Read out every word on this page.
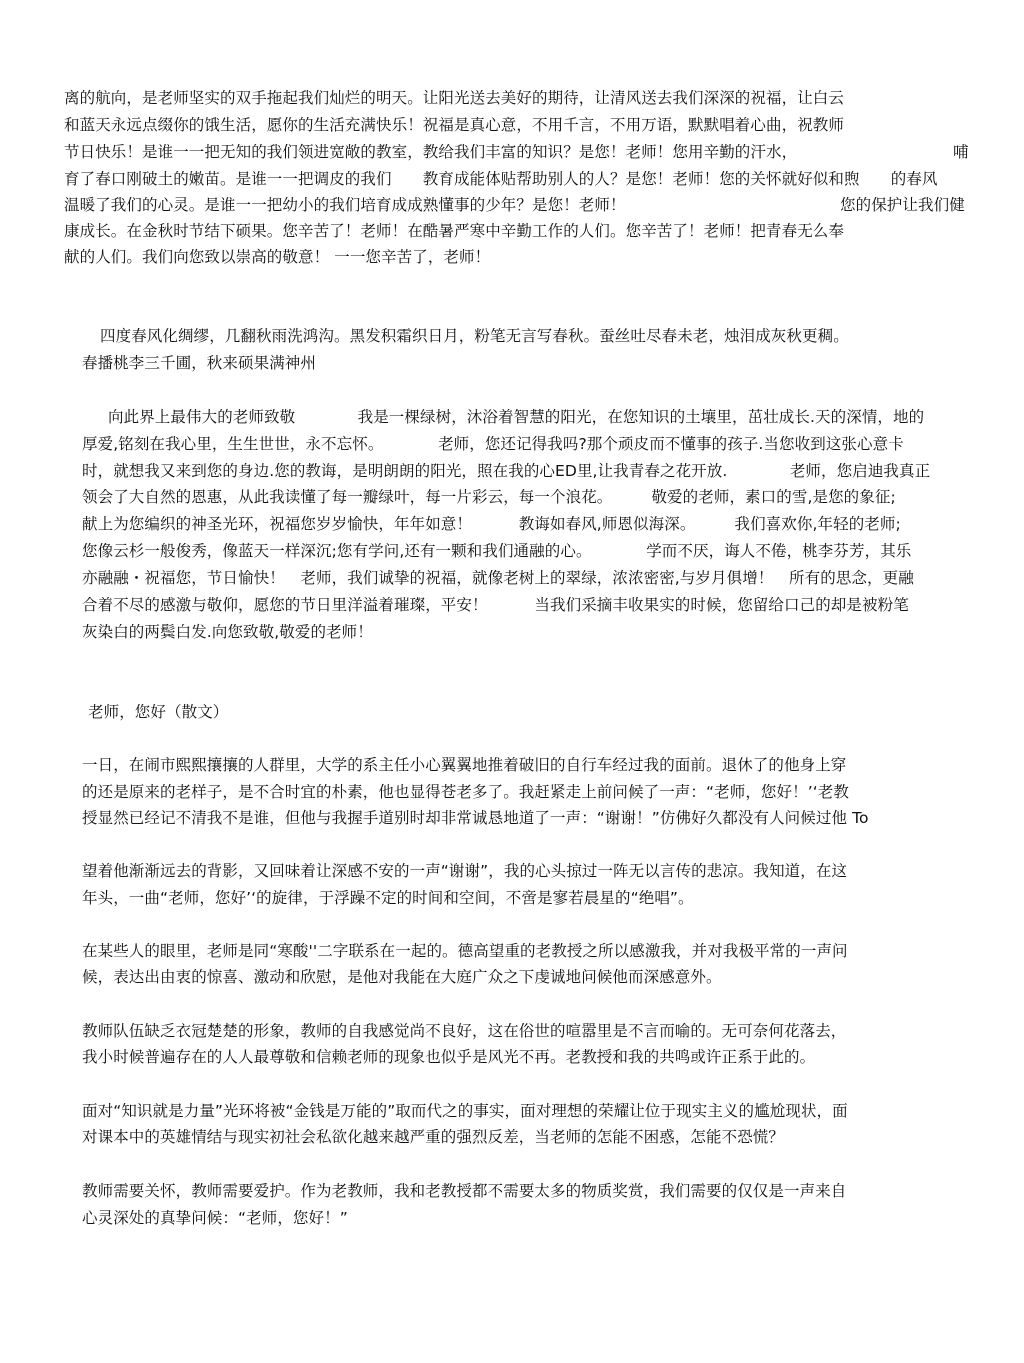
离的航向，是老师坚实的双手拖起我们灿烂的明天。让阳光送去美好的期待，让清风送去我们深深的祝福，让白云
和蓝天永远点缀你的饿生活，愿你的生活充满快乐！祝福是真心意，不用千言，不用万语，默默唱着心曲，祝教师
节日快乐！是谁一一把无知的我们领进宽敞的教室，教给我们丰富的知识？是您！老师！您用辛勤的汗水，	哺
育了春口刚破土的嫩苗。是谁一一把调皮的我们　　教育成能体贴帮助别人的人？是您！老师！您的关怀就好似和煦　　的春风
温暖了我们的心灵。是谁一一把幼小的我们培育成成熟懂事的少年？是您！老师！	您的保护让我们健
康成长。在金秋时节结下硕果。您辛苦了！老师！在酷暑严寒中辛勤工作的人们。您辛苦了！老师！把青春无么奉
献的人们。我们向您致以崇高的敬意！ 一一您辛苦了，老师！
四度春风化绸缪，几翻秋雨洗鸿沟。黑发积霜织日月，粉笔无言写春秋。蚕丝吐尽春未老，烛泪成灰秋更稠。
春播桃李三千圃，秋来硕果满神州
向此界上最伟大的老师致敬　　　　我是一棵绿树，沐浴着智慧的阳光，在您知识的土壤里，茁壮成长.天的深情，地的
厚爱,铭刻在我心里，生生世世，永不忘怀。　　　　老师，您还记得我吗?那个顽皮而不懂事的孩子.当您收到这张心意卡
时，就想我又来到您的身边.您的教诲，是明朗朗的阳光，照在我的心ED里,让我青春之花开放.　　　　老师，您启迪我真正
领会了大自然的恩惠，从此我读懂了每一瓣绿叶，每一片彩云，每一个浪花。　　　敬爱的老师，素口的雪,是您的象征;
献上为您编织的神圣光环，祝福您岁岁愉快，年年如意！　　　教诲如春风,师恩似海深。　　　我们喜欢你,年轻的老师;
您像云杉一般俊秀，像蓝天一样深沉;您有学问,还有一颗和我们通融的心。　　　　学而不厌，诲人不倦，桃李芬芳，其乐
亦融融・祝福您，节日愉快！　老师，我们诚挚的祝福，就像老树上的翠绿，浓浓密密,与岁月俱增！　所有的思念，更融
合着不尽的感激与敬仰，愿您的节日里洋溢着璀璨，平安！　　　当我们采摘丰收果实的时候，您留给口己的却是被粉笔
灰染白的两鬓白发.向您致敬,敬爱的老师！
老师，您好（散文）
一日，在闹市熙熙攘攘的人群里，大学的系主任小心翼翼地推着破旧的自行车经过我的面前。退休了的他身上穿
的还是原来的老样子，是不合时宜的朴素，他也显得苍老多了。我赶紧走上前问候了一声：“老师，您好！’‘老教
授显然已经记不清我不是谁，但他与我握手道别时却非常诚恳地道了一声：“谢谢！”仿佛好久都没有人问候过他 To
望着他渐渐远去的背影，又回味着让深感不安的一声“谢谢”，我的心头掠过一阵无以言传的悲凉。我知道，在这
年头，一曲“老师，您好’‘的旋律，于浮躁不定的时间和空间，不啻是寥若晨星的“绝唱”。
在某些人的眼里，老师是同“寒酸''二字联系在一起的。德高望重的老教授之所以感激我，并对我极平常的一声问
候，表达出由衷的惊喜、激动和欣慰，是他对我能在大庭广众之下虔诚地问候他而深感意外。
教师队伍缺乏衣冠楚楚的形象，教师的自我感觉尚不良好，这在俗世的喧嚣里是不言而喻的。无可奈何花落去，
我小时候普遍存在的人人最尊敬和信赖老师的现象也似乎是风光不再。老教授和我的共鸣或许正系于此的。
面对“知识就是力量”光环将被“金钱是万能的”取而代之的事实，面对理想的荣耀让位于现实主义的尴尬现状，面
对课本中的英雄情结与现实初社会私欲化越来越严重的强烈反差，当老师的怎能不困惑，怎能不恐慌？
教师需要关怀，教师需要爱护。作为老教师，我和老教授都不需要太多的物质奖赏，我们需要的仅仅是一声来自
心灵深处的真挚问候：“老师，您好！”
